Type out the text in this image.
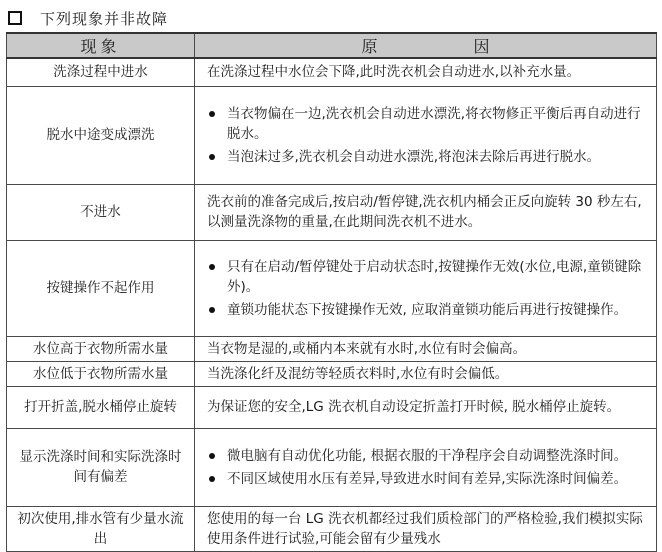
下列现象并非故障
现象	原 因

洗涤过程中进水	在洗涤过程中水位会下降,此时洗衣机会自动进水,以补充水量。
脱水中途变成漂洗	当衣物偏在一边,洗衣机会自动进水漂洗,将衣物修正平衡后再自动进行脱水。
当泡沫过多,洗衣机会自动进水漂洗,将泡沫去除后再进行脱水。

不进水	洗衣前的准备完成后,按启动/暂停键,洗衣机内桶会正反向旋转 30 秒左右,以测量洗涤物的重量,在此期间洗衣机不进水。
按键操作不起作用	只有在启动/暂停键处于启动状态时,按键操作无效(水位,电源,童锁键除外)。
童锁功能状态下按键操作无效, 应取消童锁功能后再进行按键操作。

水位高于衣物所需水量	当衣物是湿的,或桶内本来就有水时,水位有时会偏高。
水位低于衣物所需水量	当洗涤化纤及混纺等轻质衣料时,水位有时会偏低。
打开折盖,脱水桶停止旋转	为保证您的安全,LG 洗衣机自动设定折盖打开时候, 脱水桶停止旋转。
显示洗涤时间和实际洗涤时间有偏差	微电脑有自动优化功能, 根据衣服的干净程序会自动调整洗涤时间。
不同区域使用水压有差异,导致进水时间有差异,实际洗涤时间偏差。

初次使用,排水管有少量水流出	您使用的每一台 LG 洗衣机都经过我们质检部门的严格检验,我们模拟实际使用条件进行试验,可能会留有少量残水
